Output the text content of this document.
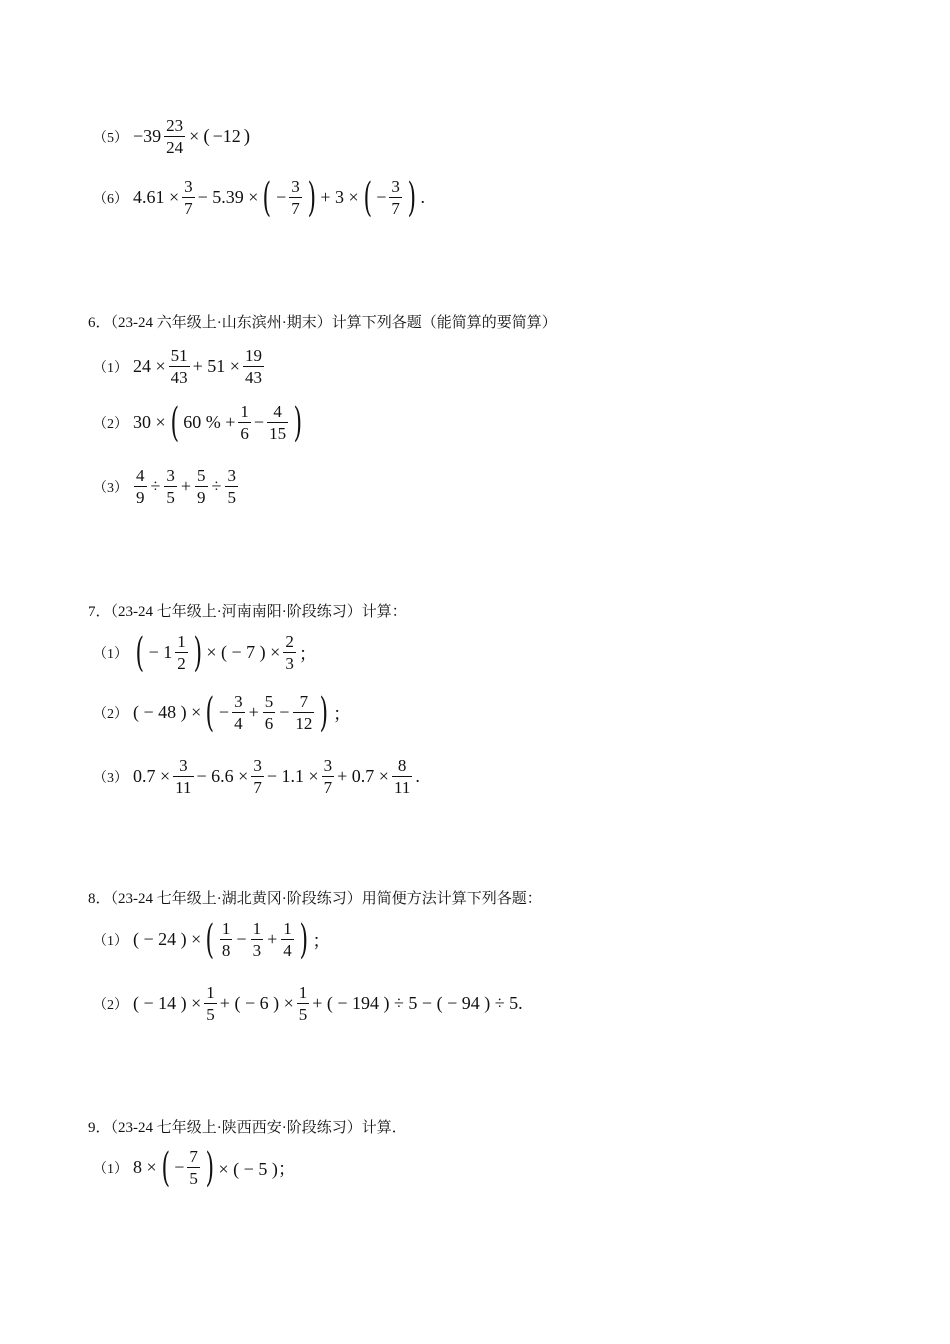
$(5) -39 \frac{23}{24}$ × ( −12 )
（6） $4.61 \times \frac{3}{7} - 5.39$ × ( − $\frac{3}{7}$ ) + 3 × ( − $\frac{3}{7}$ ) .
6．（23-24 六年级上·山东滨州·期末）计算下列各题（能简算的要简算）
（1） $24 \times \frac{51}{43} + 51 \times \frac{19}{43}$
（2） 30 × ( 60 % + $\frac{1}{6} - \frac{4}{15}$ )
$(3) \frac{4}{9} \div \frac{3}{5} + \frac{5}{9} \div \frac{3}{5}$
7．（23-24 七年级上·河南南阳·阶段练习）计算：
（1） ( − $1 \frac{1}{2}$ ) × ( − 7 ) × $\frac{2}{3}$ ；
（2） ( − 48 ) × ( − $\frac{3}{4} + \frac{5}{6} - \frac{7}{12}$ ) ；
（3） $0.7 \times \frac{3}{11} - 6.6 \times \frac{3}{7} - 1.1 \times \frac{3}{7} + 0.7 \times \frac{8}{11}$ .
8．（23-24 七年级上·湖北黄冈·阶段练习）用简便方法计算下列各题：
（1） ( − 24 ) × ( $\frac{1}{8} - \frac{1}{3} + \frac{1}{4}$ ) ；
（2） ( − 14 ) × $\frac{1}{5}$ + ( − 6 ) × $\frac{1}{5}$ + ( − 194 ) ÷ 5 − ( − 94 ) ÷ 5.
9．（23-24 七年级上·陕西西安·阶段练习）计算．
（1） 8 × ( − $\frac{7}{5}$ ) × ( − 5 )；
